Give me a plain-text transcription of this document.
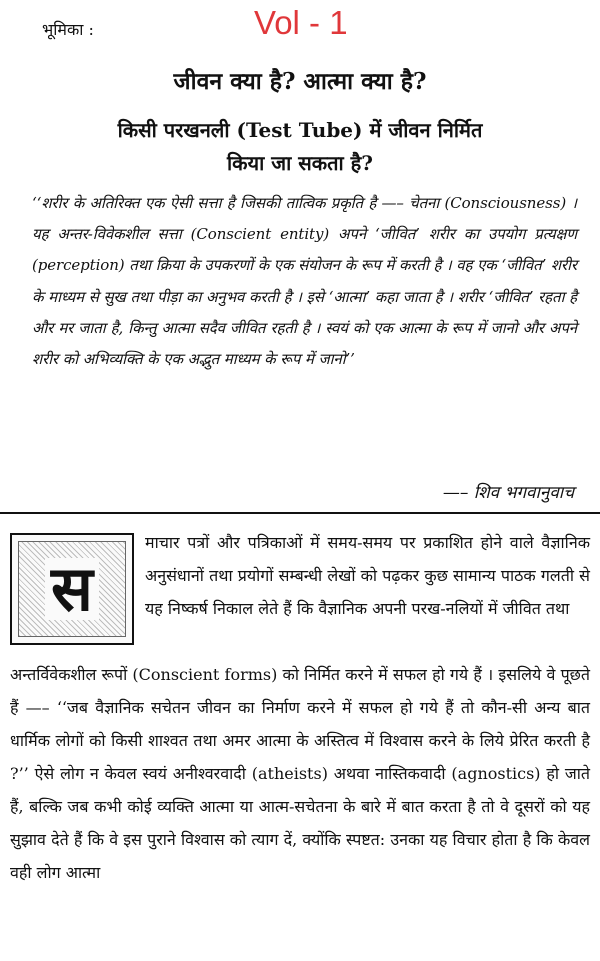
भूमिका :	Vol - 1
जीवन क्या है? आत्मा क्या है?
किसी परखनली (Test Tube) में जीवन निर्मित
किया जा सकता है?

‘‘शरीर के अतिरिक्त एक ऐसी सत्ता है जिसकी तात्विक प्रकृति है —– चेतना (Consciousness) । यह अन्तर-विवेकशील सत्ता (Conscient entity) अपने ‘जीवित’ शरीर का उपयोग प्रत्यक्षण (perception) तथा क्रिया के उपकरणों के एक संयोजन के रूप में करती है । वह एक ‘जीवित’ शरीर के माध्यम से सुख तथा पीड़ा का अनुभव करती है । इसे ‘आत्मा’ कहा जाता है । शरीर ‘जीवित’ रहता है और मर जाता है, किन्तु आत्मा सदैव जीवित रहती है । स्वयं को एक आत्मा के रूप में जानो और अपने शरीर को अभिव्यक्ति के एक अद्भुत माध्यम के रूप में जानो’’

—– शिव भगवानुवाच
स

माचार पत्रों और पत्रिकाओं में समय-समय पर प्रकाशित होने वाले वैज्ञानिक अनुसंधानों तथा प्रयोगों सम्बन्धी लेखों को पढ़कर कुछ सामान्य पाठक गलती से यह निष्कर्ष निकाल लेते हैं कि वैज्ञानिक अपनी परख-नलियों में जीवित तथा

अन्तर्विवेकशील रूपों (Conscient forms) को निर्मित करने में सफल हो गये हैं । इसलिये वे पूछते हैं —– ‘‘जब वैज्ञानिक सचेतन जीवन का निर्माण करने में सफल हो गये हैं तो कौन-सी अन्य बात धार्मिक लोगों को किसी शाश्वत तथा अमर आत्मा के अस्तित्व में विश्वास करने के लिये प्रेरित करती है ?’’ ऐसे लोग न केवल स्वयं अनीश्वरवादी (atheists) अथवा नास्तिकवादी (agnostics) हो जाते हैं, बल्कि जब कभी कोई व्यक्ति आत्मा या आत्म-सचेतना के बारे में बात करता है तो वे दूसरों को यह सुझाव देते हैं कि वे इस पुराने विश्वास को त्याग दें, क्योंकि स्पष्टत: उनका यह विचार होता है कि केवल वही लोग आत्मा
